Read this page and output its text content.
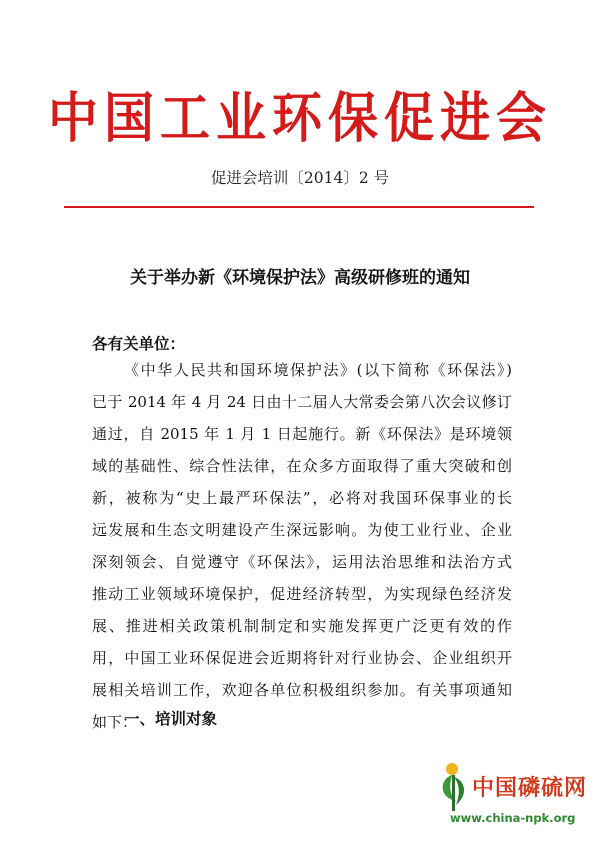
中国工业环保促进会
促进会培训〔2014〕2 号
关于举办新《环境保护法》高级研修班的通知
各有关单位：
《中华人民共和国环境保护法》(以下简称《环保法》)
已于 2014 年 4 月 24 日由十二届人大常委会第八次会议修订
通过，自 2015 年 1 月 1 日起施行。新《环保法》是环境领
域的基础性、综合性法律，在众多方面取得了重大突破和创
新，被称为“史上最严环保法”，必将对我国环保事业的长
远发展和生态文明建设产生深远影响。为使工业行业、企业
深刻领会、自觉遵守《环保法》，运用法治思维和法治方式
推动工业领域环境保护，促进经济转型，为实现绿色经济发
展、推进相关政策机制制定和实施发挥更广泛更有效的作
用，中国工业环保促进会近期将针对行业协会、企业组织开
展相关培训工作，欢迎各单位积极组织参加。有关事项通知
如下：
一、培训对象
中国磷硫网
www.china-npk.org
